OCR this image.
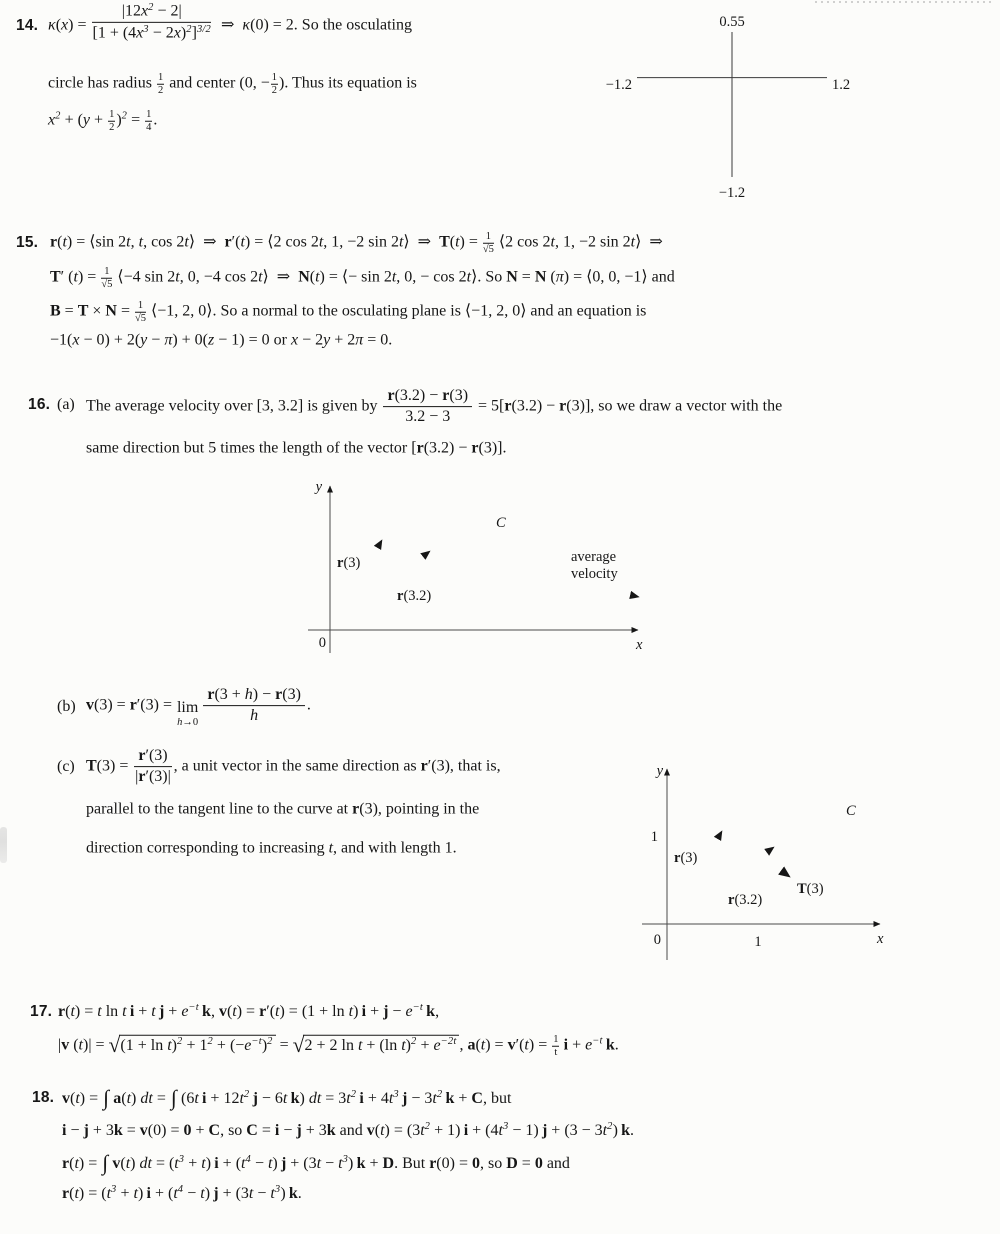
14. $\kappa(x) = \frac{|12x^2 - 2|}{[1 + (4x^3 - 2x)^2]^{3/2}}$  ⇒ κ(0) = 2. So the osculating
circle has radius $\frac{1}{2}$ and center (0, − $\frac{1}{2}$ ). Thus its equation is
$x^2 + (y + \frac{1}{2} )^2 = \frac{1}{4}$ .
0.55
−1.2	1.2
−1.2
15. r(t) = ⟨sin 2t, t, cos 2t⟩ ⇒ r′(t) = ⟨2 cos 2t, 1, −2 sin 2t⟩ ⇒ $T(t) = \frac{1}{√5}$ ⟨2 cos 2t, 1, −2 sin 2t⟩ ⇒
T′ $(t) = \frac{1}{√5}$ ⟨−4 sin 2t, 0, −4 cos 2t⟩ ⇒ N(t) = ⟨− sin 2t, 0, − cos 2t⟩. So N = N (π) = ⟨0, 0, −1⟩ and
$B = T \times N = \frac{1}{√5}$ ⟨−1, 2, 0⟩. So a normal to the osculating plane is ⟨−1, 2, 0⟩ and an equation is
−1(x − 0) + 2(y − π) + 0(z − 1) = 0 or x − 2y + 2π = 0.
16. (a) The average velocity over [3, 3.2] is given by $\frac{r(3.2) - r(3)}{3.2 - 3} = 5[r(3.2) - r(3)]$, so we draw a vector with the
same direction but 5 times the length of the vector [r(3.2) − r(3)].
y
x
0
C
r(3)
r(3.2)
average
velocity
(b) v(3) = r′(3) = lim
$h\to 0 \frac{r(3 + h) - r(3)}{h}$ .
(c) $T(3) = \frac{r'(3)}{|r'(3)|}$ , a unit vector in the same direction as r′(3), that is,
parallel to the tangent line to the curve at r(3), pointing in the
direction corresponding to increasing t, and with length 1.
y
x
0	1
1
C
r(3)
r(3.2)
T(3)
17. r(t) = t ln t  i + t  $j + e^{-t}$  k, v(t) = r′(t) = (1 + ln t) $i + j - e^{-t}$  k,
|v $(t)| = √(1 + \ln t)^2 + 1^2 + (-e^{-t})^2 = √2 + 2$ ln t + (ln $t)^2 + e^{-2t}$ , $a(t) = v'(t) = \frac{1}{t}$
  $i + e^{-t}$  k.
18. v(t) = ∫  a(t) dt = ∫ (6t  $i + 12t^2$  j − 6t  k) dt = $3t^2$  $i + 4t^3$  $j - 3t^2$  k + C, but
i − j + 3k = v(0) = 0 + C, so C = i − j + 3k and $v(t) = (3t^2 + 1) i + (4t^3 - 1) j + (3 - 3t^2)$ k.
r(t) = ∫  v(t) dt = $(t^3 + t) i + (t^4 - t) j + (3t - t^3) k + D$. But r(0) = 0, so D = 0 and
$r(t) = (t^3 + t) i + (t^4 - t) j + (3t - t^3)$ k.
